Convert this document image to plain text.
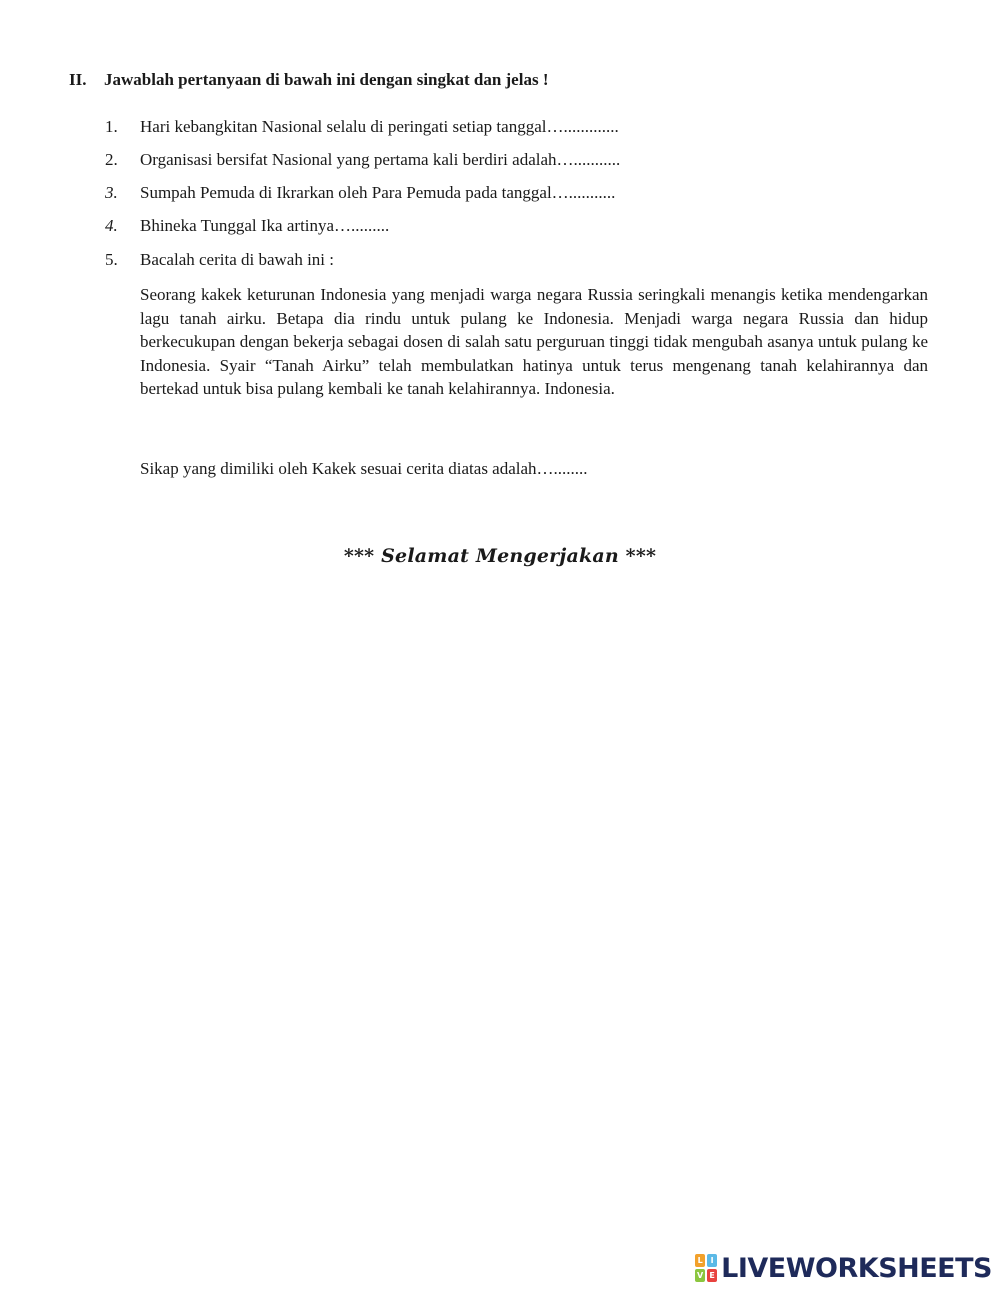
II. Jawablah pertanyaan di bawah ini dengan singkat dan jelas !
1. Hari kebangkitan Nasional selalu di peringati setiap tanggal….............
2. Organisasi bersifat Nasional yang pertama kali berdiri adalah…...........
3. Sumpah Pemuda di Ikrarkan oleh Para Pemuda pada tanggal…...........
4. Bhineka Tunggal Ika artinya….........
5. Bacalah cerita di bawah ini :

Seorang kakek keturunan Indonesia yang menjadi warga negara Russia seringkali menangis ketika mendengarkan lagu tanah airku. Betapa dia rindu untuk pulang ke Indonesia. Menjadi warga negara Russia dan hidup berkecukupan dengan bekerja sebagai dosen di salah satu perguruan tinggi tidak mengubah asanya untuk pulang ke Indonesia. Syair “Tanah Airku” telah membulatkan hatinya untuk terus mengenang tanah kelahirannya dan bertekad untuk bisa pulang kembali ke tanah kelahirannya. Indonesia.

Sikap yang dimiliki oleh Kakek sesuai cerita diatas adalah…........
*** Selamat Mengerjakan ***
L I
V E LIVEWORKSHEETS
